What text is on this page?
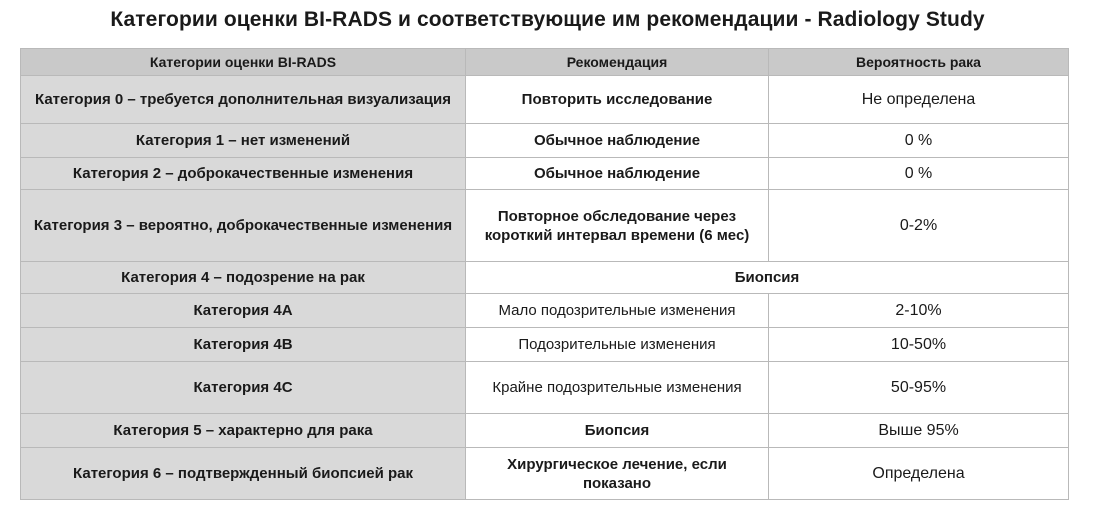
Категории оценки BI-RADS и соответствующие им рекомендации - Radiology Study
Категории оценки BI-RADS	Рекомендация	Вероятность рака
Категория 0 – требуется дополнительная визуализация	Повторить исследование	Не определена
Категория 1 – нет изменений	Обычное наблюдение	0 %
Категория 2 – доброкачественные изменения	Обычное наблюдение	0 %
Категория 3 – вероятно, доброкачественные изменения	Повторное обследование через короткий интервал времени (6 мес)	0-2%
Категория 4 – подозрение на рак	Биопсия	
Категория 4A	Мало подозрительные изменения	2-10%
Категория 4B	Подозрительные изменения	10-50%
Категория 4C	Крайне подозрительные изменения	50-95%
Категория 5 – характерно для рака	Биопсия	Выше 95%
Категория 6 – подтвержденный биопсией рак	Хирургическое лечение, если показано	Определена
